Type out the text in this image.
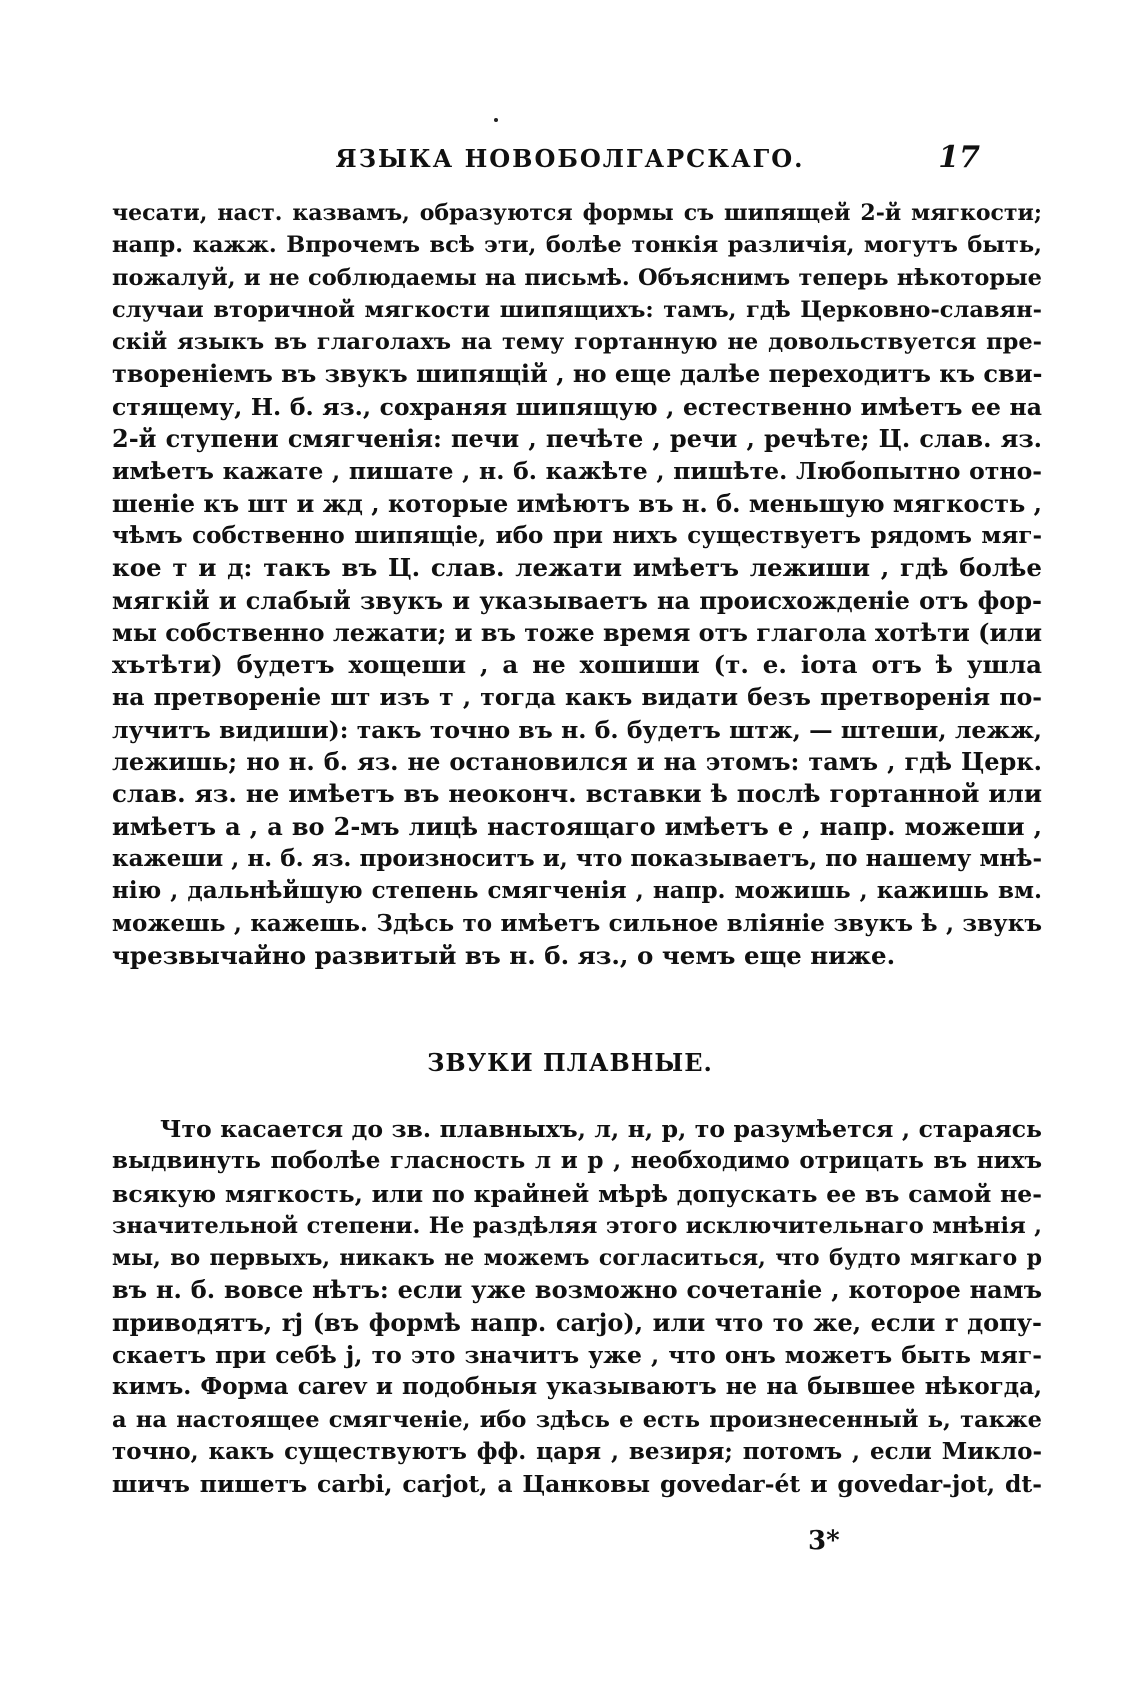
ЯЗЫКА НОВОБОЛГАРСКАГО.	17
чесати, наст. казвамъ, образуются формы съ шипящей 2-й мягкости;
напр. кажж. Впрочемъ всѣ эти, болѣе тонкія различія, могутъ быть,
пожалуй, и не соблюдаемы на письмѣ. Объяснимъ теперь нѣкоторые
случаи вторичной мягкости шипящихъ: тамъ, гдѣ Церковно-славян-
скій языкъ въ глаголахъ на тему гортанную не довольствуется пре-
твореніемъ въ звукъ шипящій , но еще далѣе переходитъ къ сви-
стящему, Н. б. яз., сохраняя шипящую , естественно имѣетъ ее на
2-й ступени смягченія: печи , печѣте , речи , речѣте; Ц. слав. яз.
имѣетъ кажате , пишате , н. б. кажѣте , пишѣте. Любопытно отно-
шеніе къ шт и жд , которые имѣютъ въ н. б. меньшую мягкость ,
чѣмъ собственно шипящіе, ибо при нихъ существуетъ рядомъ мяг-
кое т и д: такъ въ Ц. слав. лежати имѣетъ лежиши , гдѣ болѣе
мягкій и слабый звукъ и указываетъ на происхожденіе отъ фор-
мы собственно лежати; и въ тоже время отъ глагола хотѣти (или
хътѣти) будетъ хощеши , а не хошиши (т. е. іота отъ ѣ ушла
на претвореніе шт изъ т , тогда какъ видати безъ претворенія по-
лучитъ видиши): такъ точно въ н. б. будетъ штж, — штеши, лежж,
лежишь; но н. б. яз. не остановился и на этомъ: тамъ , гдѣ Церк.
слав. яз. не имѣетъ въ неоконч. вставки ѣ послѣ гортанной или
имѣетъ а , а во 2-мъ лицѣ настоящаго имѣетъ е , напр. можеши ,
кажеши , н. б. яз. произноситъ и, что показываетъ, по нашему мнѣ-
нію , дальнѣйшую степень смягченія , напр. можишь , кажишь вм.
можешь , кажешь. Здѣсь то имѣетъ сильное вліяніе звукъ ѣ , звукъ
чрезвычайно развитый въ н. б. яз., о чемъ еще ниже.
ЗВУКИ ПЛАВНЫЕ.
Что касается до зв. плавныхъ, л, н, р, то разумѣется , стараясь
выдвинуть поболѣе гласность л и р , необходимо отрицать въ нихъ
всякую мягкость, или по крайней мѣрѣ допускать ее въ самой не-
значительной степени. Не раздѣляя этого исключительнаго мнѣнія ,
мы, во первыхъ, никакъ не можемъ согласиться, что будто мягкаго р
въ н. б. вовсе нѣтъ: если уже возможно сочетаніе , которое намъ
приводятъ, rj (въ формѣ напр. carjo), или что то же, если r допу-
скаетъ при себѣ j, то это значитъ уже , что онъ можетъ быть мяг-
кимъ. Форма carev и подобныя указываютъ не на бывшее нѣкогда,
а на настоящее смягченіе, ибо здѣсь e есть произнесенный ь, также
точно, какъ существуютъ фф. царя , везиря; потомъ , если Микло-
шичъ пишетъ carbi, carjot, а Цанковы govedar-ét и govedar-jot, dt-
3*
